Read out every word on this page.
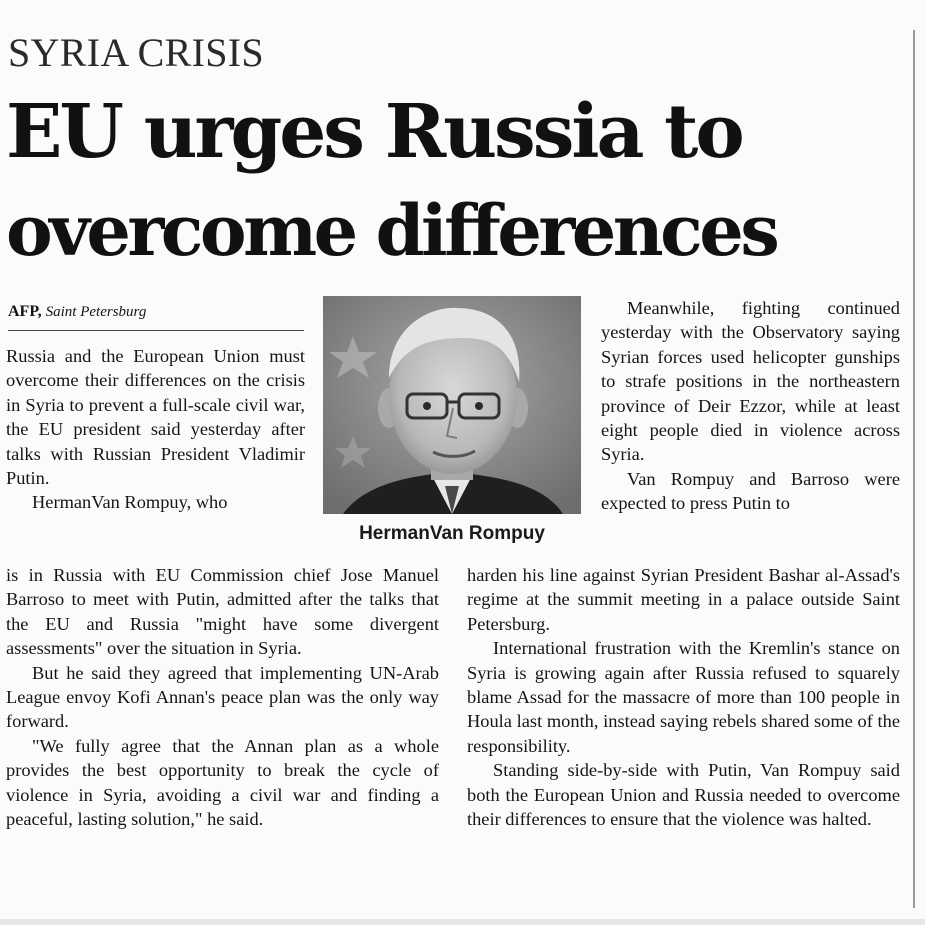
SYRIA CRISIS
EU urges Russia to
overcome differences
AFP, Saint Petersburg

Russia and the European Union must overcome their differences on the crisis in Syria to prevent a full-scale civil war, the EU president said yesterday after talks with Russian President Vladimir Putin.

HermanVan Rompuy, who

HermanVan Rompuy

Meanwhile, fighting continued yesterday with the Observatory saying Syrian forces used helicopter gunships to strafe positions in the northeastern province of Deir Ezzor, while at least eight people died in violence across Syria.

Van Rompuy and Barroso were expected to press Putin to

is in Russia with EU Commission chief Jose Manuel Barroso to meet with Putin, admitted after the talks that the EU and Russia "might have some divergent assessments" over the situation in Syria.

But he said they agreed that implementing UN-Arab League envoy Kofi Annan's peace plan was the only way forward.

"We fully agree that the Annan plan as a whole provides the best opportunity to break the cycle of violence in Syria, avoiding a civil war and finding a peaceful, lasting solution," he said.

harden his line against Syrian President Bashar al-Assad's regime at the summit meeting in a palace outside Saint Petersburg.

International frustration with the Kremlin's stance on Syria is growing again after Russia refused to squarely blame Assad for the massacre of more than 100 people in Houla last month, instead saying rebels shared some of the responsibility.

Standing side-by-side with Putin, Van Rompuy said both the European Union and Russia needed to overcome their differences to ensure that the violence was halted.
